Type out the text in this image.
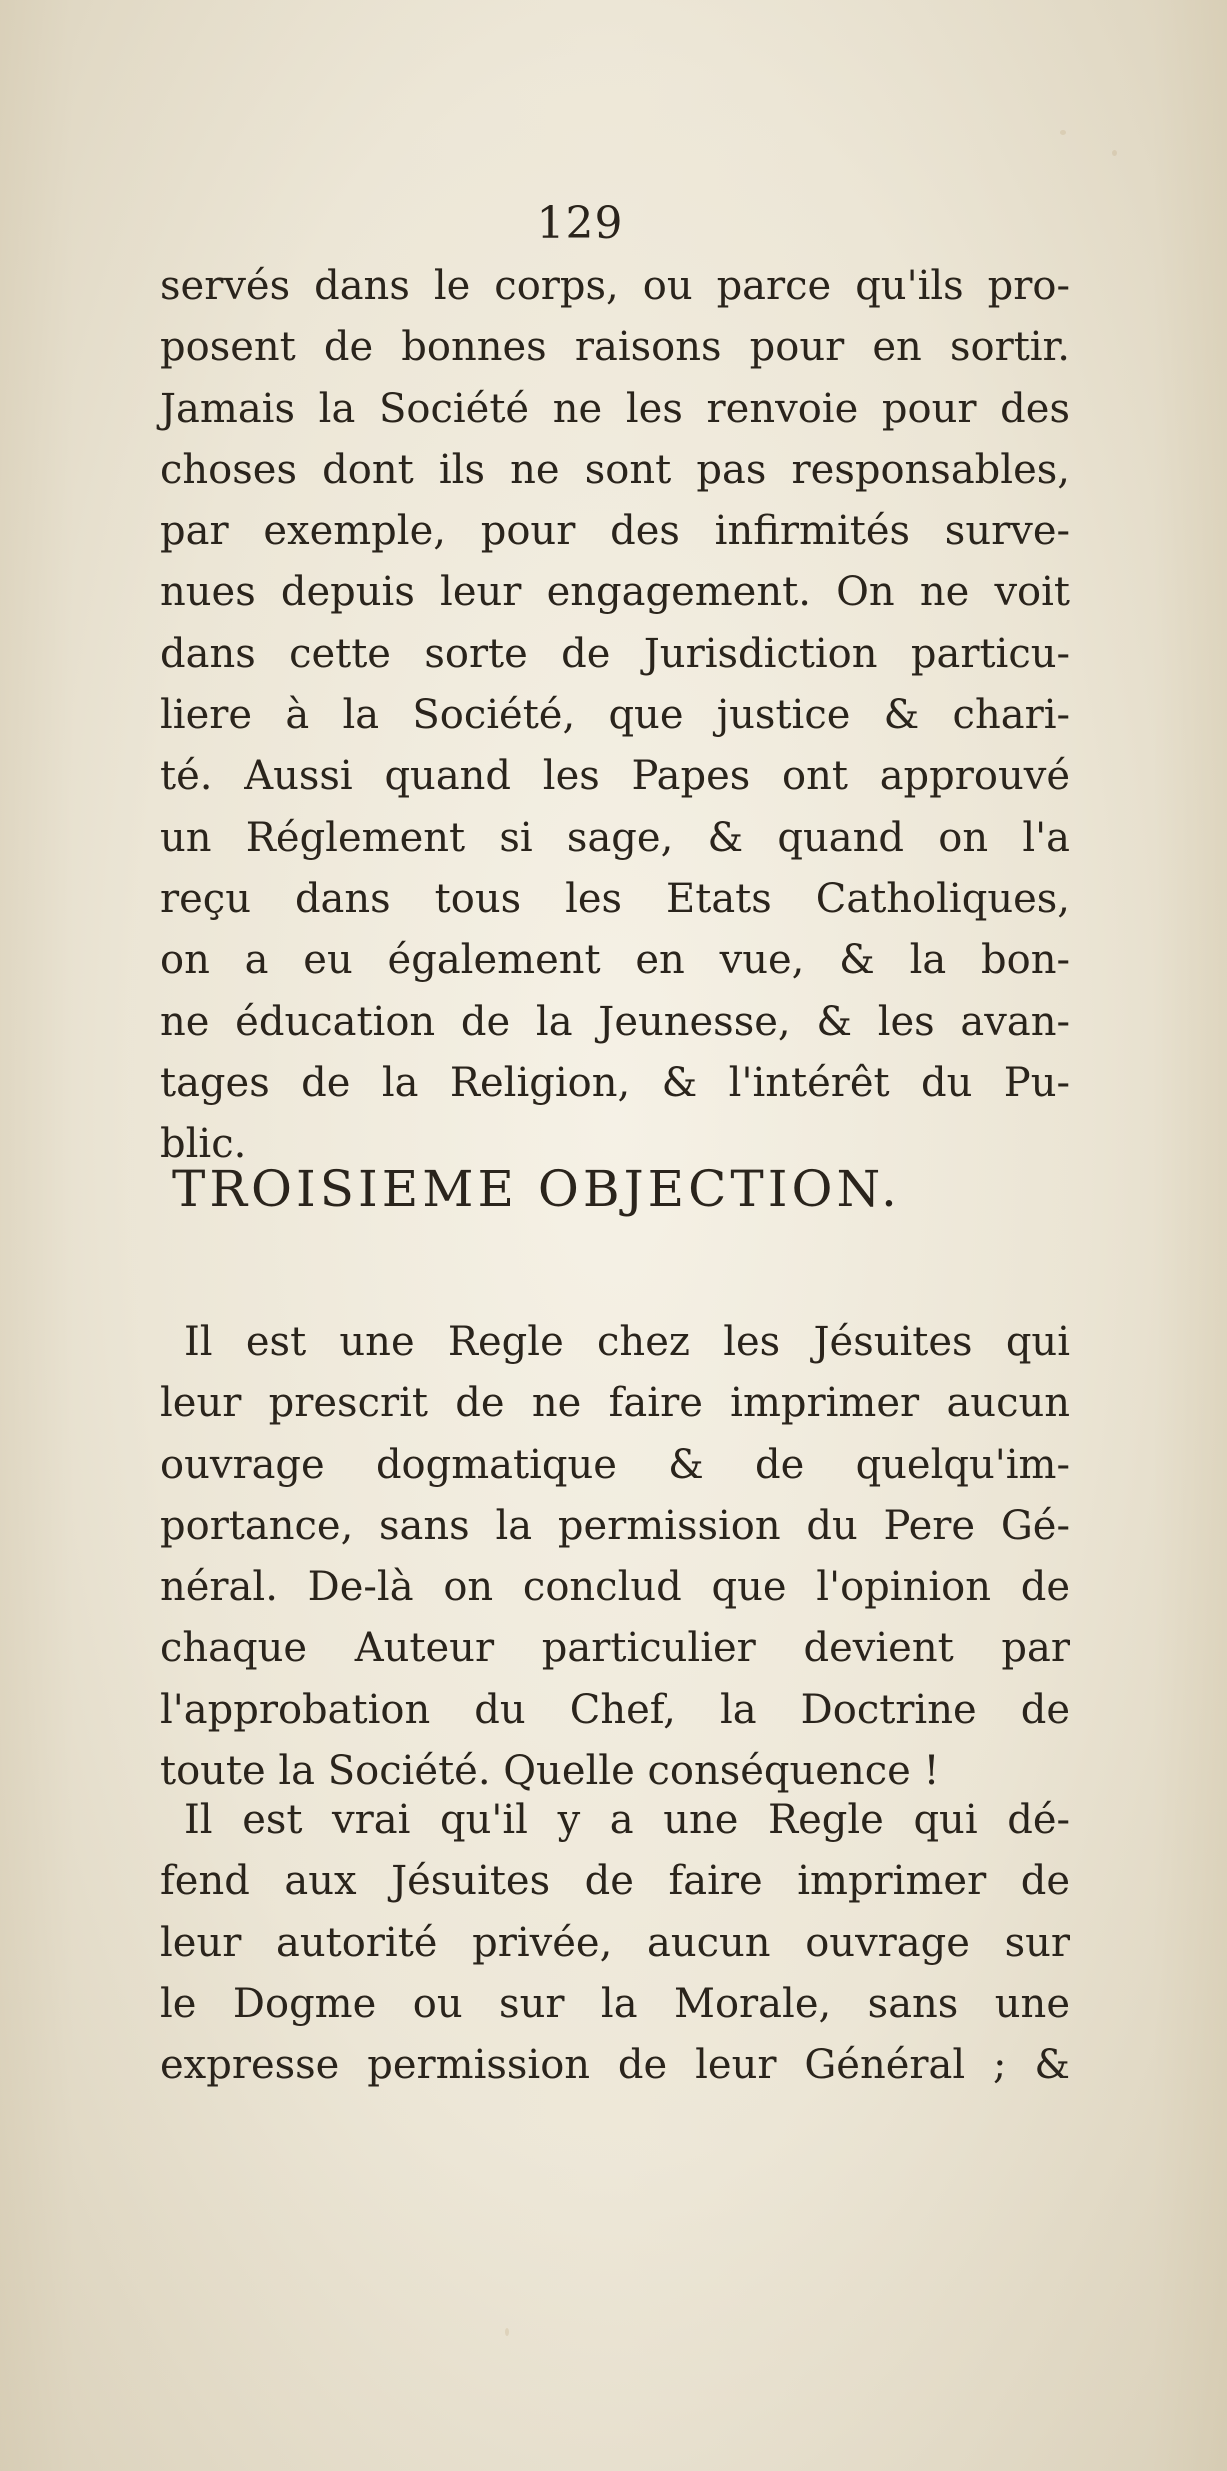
129

servés dans le corps, ou parce qu'ils pro-
posent de bonnes raisons pour en sortir.
Jamais la Société ne les renvoie pour des
choses dont ils ne sont pas responsables,
par exemple, pour des infirmités surve-
nues depuis leur engagement. On ne voit
dans cette sorte de Jurisdiction particu-
liere à la Société, que justice & chari-
té. Aussi quand les Papes ont approuvé
un Réglement si sage, & quand on l'a
reçu dans tous les Etats Catholiques,
on a eu également en vue, & la bon-
ne éducation de la Jeunesse, & les avan-
tages de la Religion, & l'intérêt du Pu-
blic.

TROISIEME OBJECTION.

Il est une Regle chez les Jésuites qui
leur prescrit de ne faire imprimer aucun
ouvrage dogmatique & de quelqu'im-
portance, sans la permission du Pere Gé-
néral. De-là on conclud que l'opinion de
chaque Auteur particulier devient par
l'approbation du Chef, la Doctrine de
toute la Société. Quelle conséquence !

Il est vrai qu'il y a une Regle qui dé-
fend aux Jésuites de faire imprimer de
leur autorité privée, aucun ouvrage sur
le Dogme ou sur la Morale, sans une
expresse permission de leur Général ; &
